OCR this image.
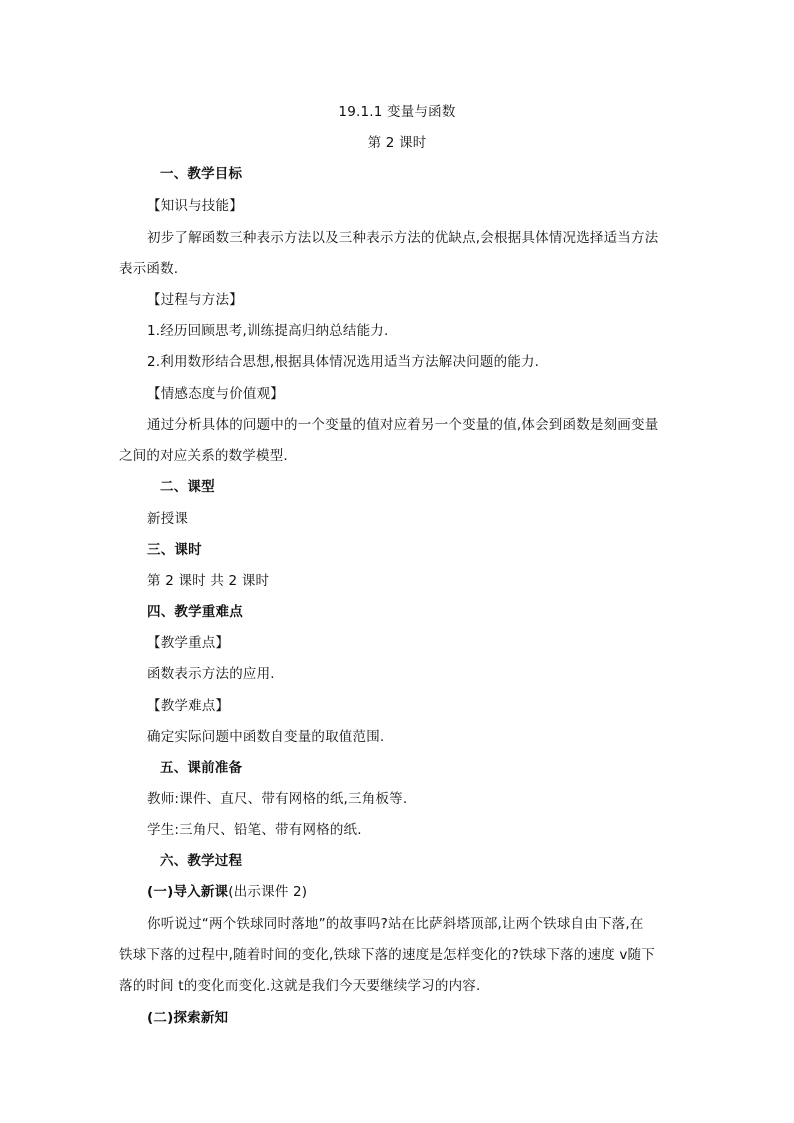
19.1.1 变量与函数
第 2 课时
一、教学目标
【知识与技能】
初步了解函数三种表示方法以及三种表示方法的优缺点,会根据具体情况选择适当方法
表示函数.
【过程与方法】
1.经历回顾思考,训练提高归纳总结能力.
2.利用数形结合思想,根据具体情况选用适当方法解决问题的能力.
【情感态度与价值观】
通过分析具体的问题中的一个变量的值对应着另一个变量的值,体会到函数是刻画变量
之间的对应关系的数学模型.
二、课型
新授课
三、课时
第 2 课时 共 2 课时
四、教学重难点
【教学重点】
函数表示方法的应用.
【教学难点】
确定实际问题中函数自变量的取值范围.
五、课前准备
教师:课件、直尺、带有网格的纸,三角板等.
学生:三角尺、铅笔、带有网格的纸.
六、教学过程
(一)导入新课(出示课件 2)
你听说过“两个铁球同时落地”的故事吗?站在比萨斜塔顶部,让两个铁球自由下落,在
铁球下落的过程中,随着时间的变化,铁球下落的速度是怎样变化的?铁球下落的速度 v随下
落的时间 t的变化而变化.这就是我们今天要继续学习的内容.
(二)探索新知
